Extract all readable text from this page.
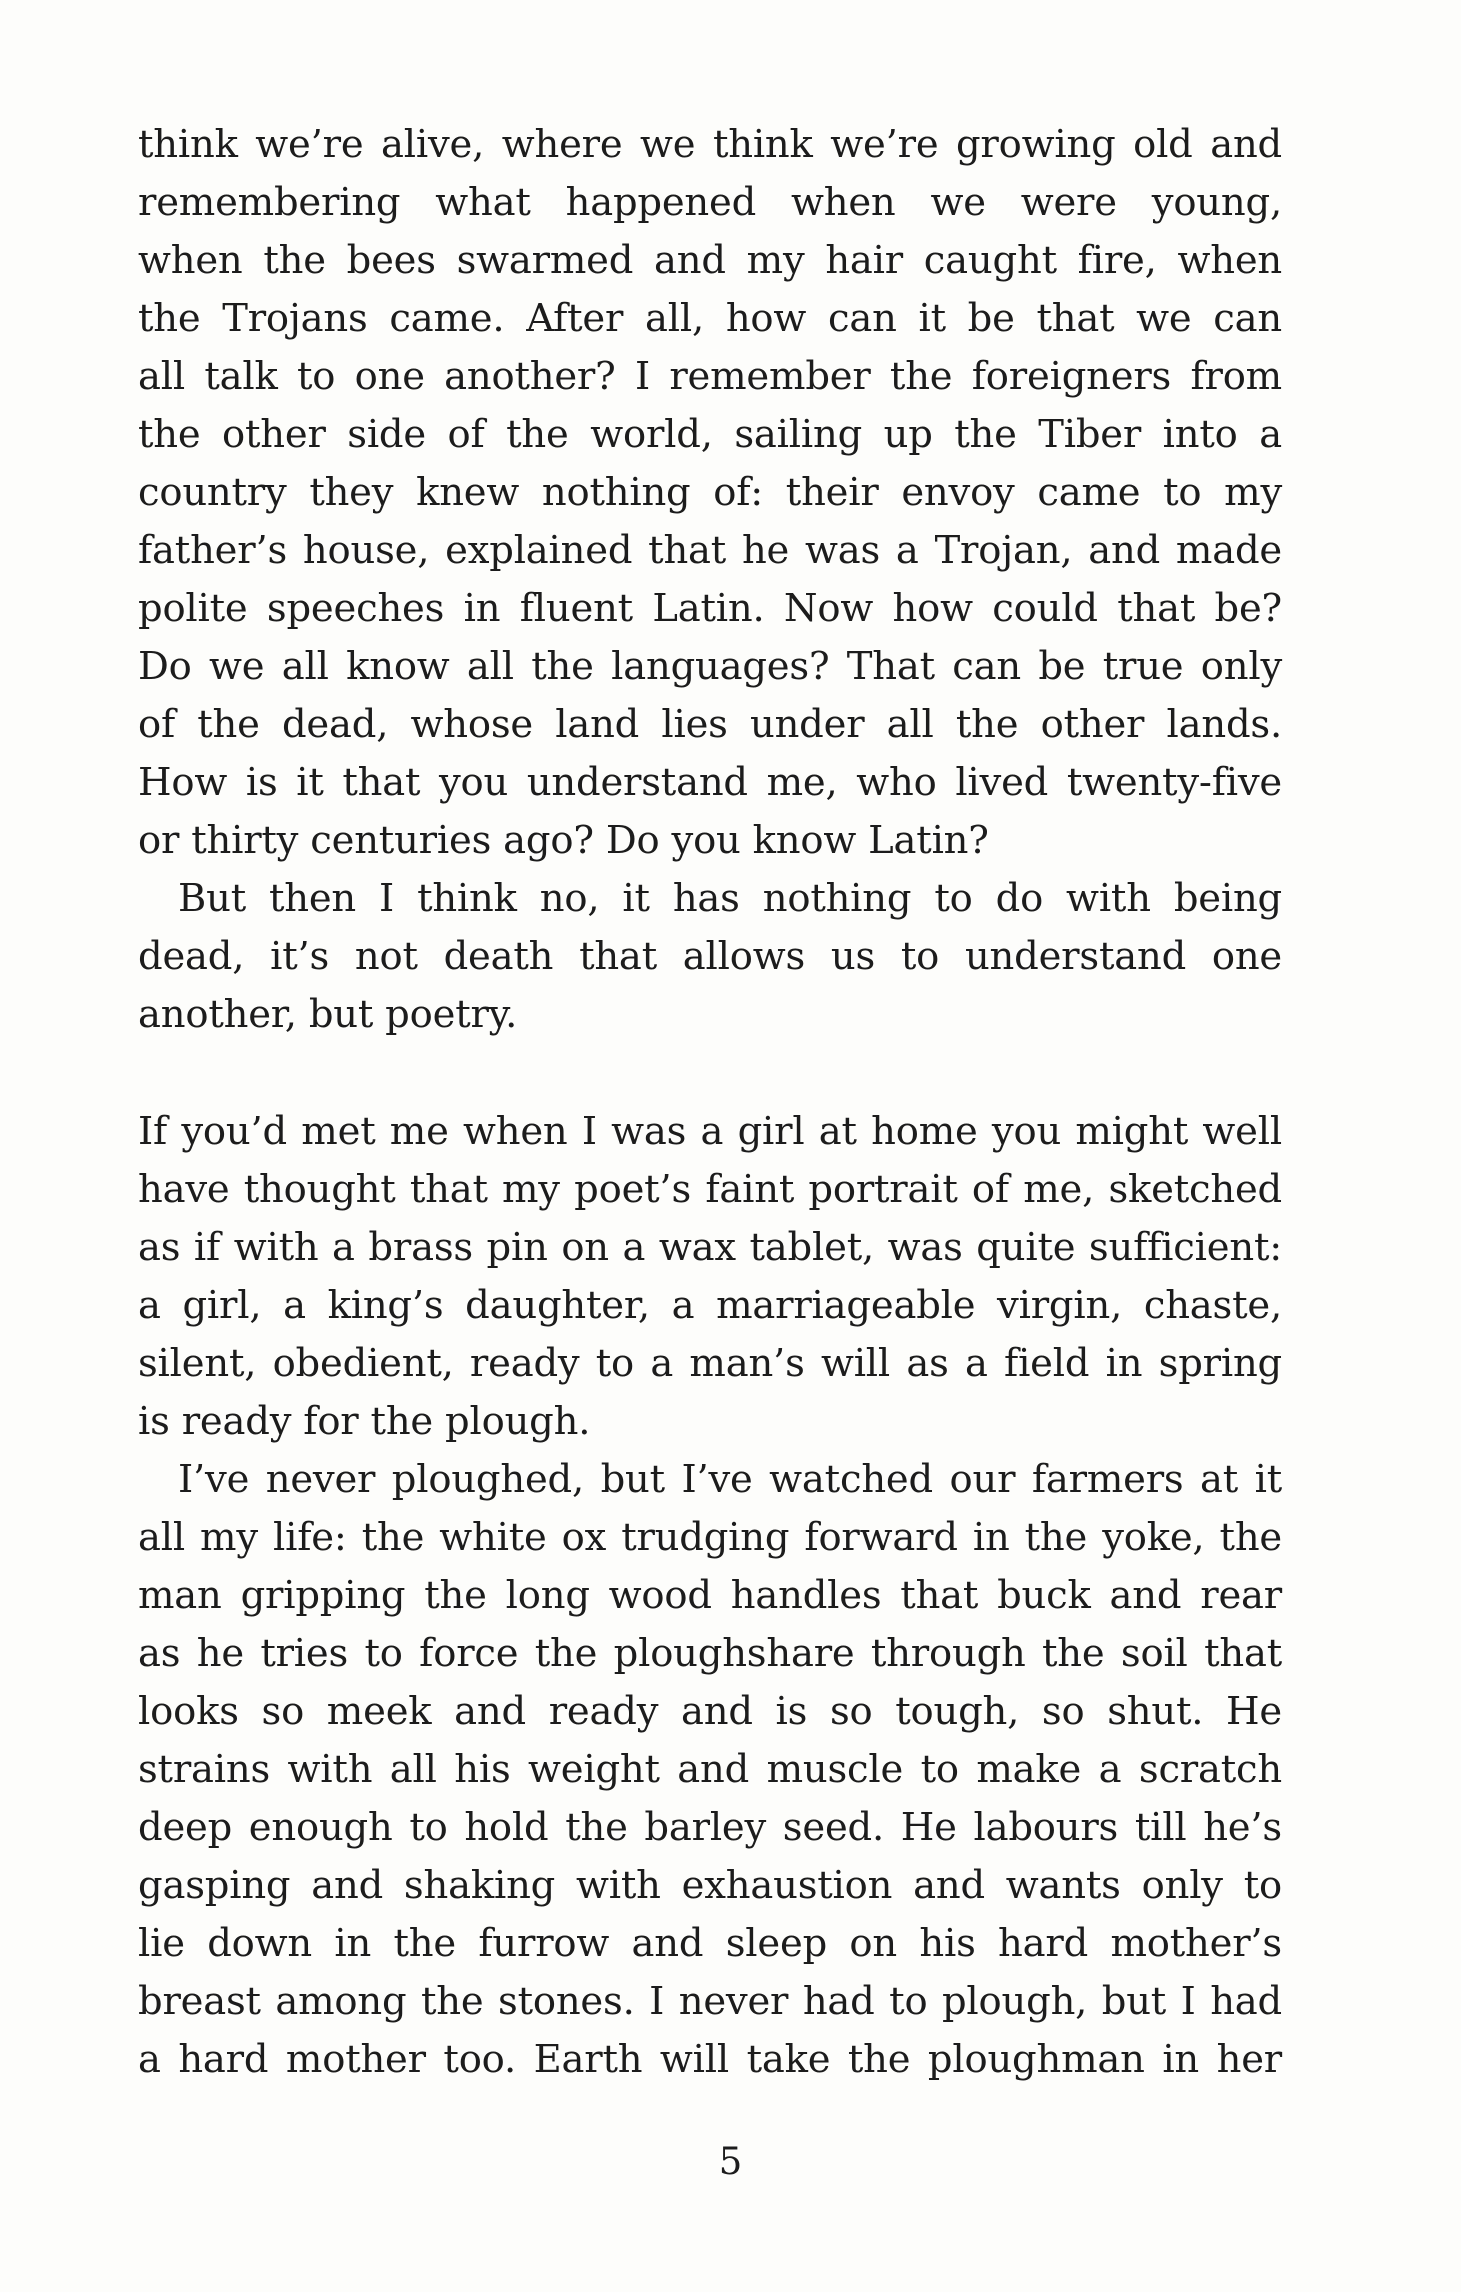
think we’re alive, where we think we’re growing old and
remembering what happened when we were young,
when the bees swarmed and my hair caught fire, when
the Trojans came. After all, how can it be that we can
all talk to one another? I remember the foreigners from
the other side of the world, sailing up the Tiber into a
country they knew nothing of: their envoy came to my
father’s house, explained that he was a Trojan, and made
polite speeches in fluent Latin. Now how could that be?
Do we all know all the languages? That can be true only
of the dead, whose land lies under all the other lands.
How is it that you understand me, who lived twenty-five
or thirty centuries ago? Do you know Latin?
But then I think no, it has nothing to do with being
dead, it’s not death that allows us to understand one
another, but poetry.
If you’d met me when I was a girl at home you might well
have thought that my poet’s faint portrait of me, sketched
as if with a brass pin on a wax tablet, was quite sufficient:
a girl, a king’s daughter, a marriageable virgin, chaste,
silent, obedient, ready to a man’s will as a field in spring
is ready for the plough.
I’ve never ploughed, but I’ve watched our farmers at it
all my life: the white ox trudging forward in the yoke, the
man gripping the long wood handles that buck and rear
as he tries to force the ploughshare through the soil that
looks so meek and ready and is so tough, so shut. He
strains with all his weight and muscle to make a scratch
deep enough to hold the barley seed. He labours till he’s
gasping and shaking with exhaustion and wants only to
lie down in the furrow and sleep on his hard mother’s
breast among the stones. I never had to plough, but I had
a hard mother too. Earth will take the ploughman in her
5
